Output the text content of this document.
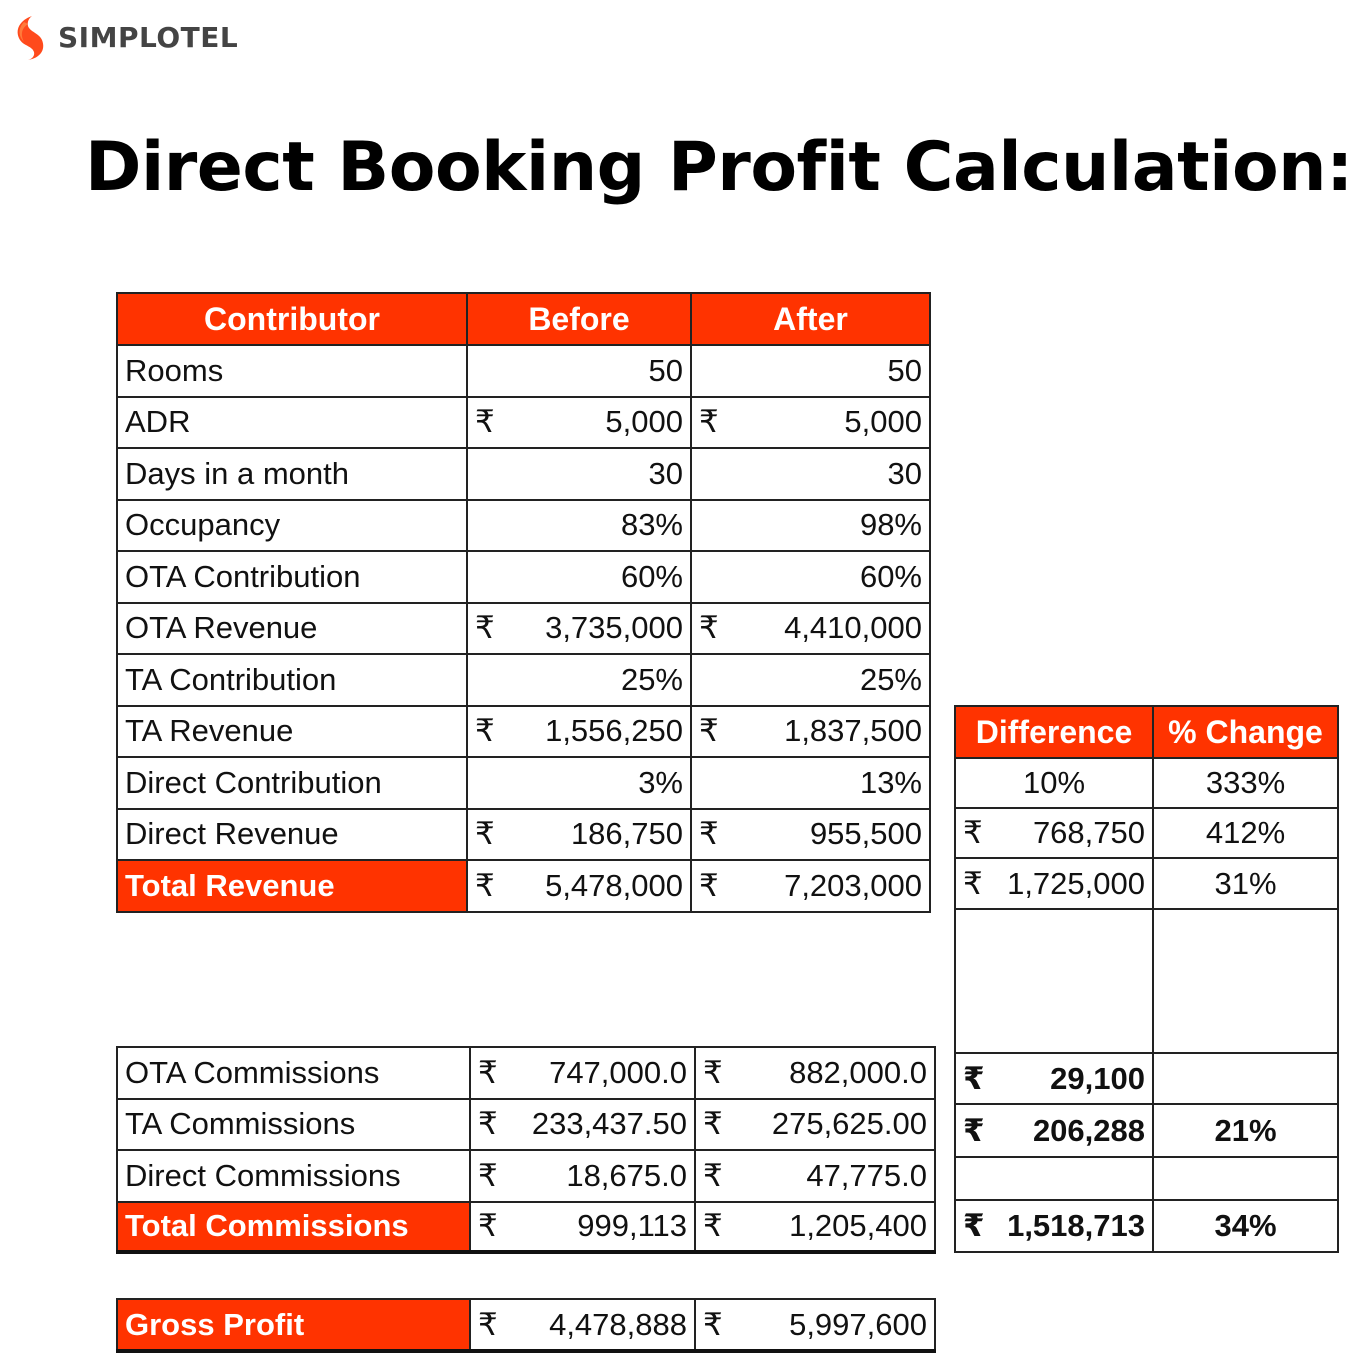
SIMPLOTEL
Direct Booking Profit Calculation:
Contributor	Before	After
Rooms	50	50

ADR	₹ 5,000	₹ 5,000

Days in a month	30	30

Occupancy	83%	98%

OTA Contribution	60%	60%

OTA Revenue	₹ 3,735,000	₹ 4,410,000

TA Contribution	25%	25%

TA Revenue	₹ 1,556,250	₹ 1,837,500

Direct Contribution	3%	13%

Direct Revenue	₹ 186,750	₹ 955,500

Total Revenue	₹ 5,478,000	₹ 7,203,000
OTA Commissions	₹ 747,000.0	₹ 882,000.0

TA Commissions	₹ 233,437.50	₹ 275,625.00

Direct Commissions	₹ 18,675.0	₹ 47,775.0

Total Commissions	₹ 999,113	₹ 1,205,400
Gross Profit	₹ 4,478,888	₹ 5,997,600
Difference	% Change
10%	333%

₹ 768,750	412%

₹ 1,725,000	31%

₹ 29,100	

₹ 206,288	21%

₹ 1,518,713	34%
